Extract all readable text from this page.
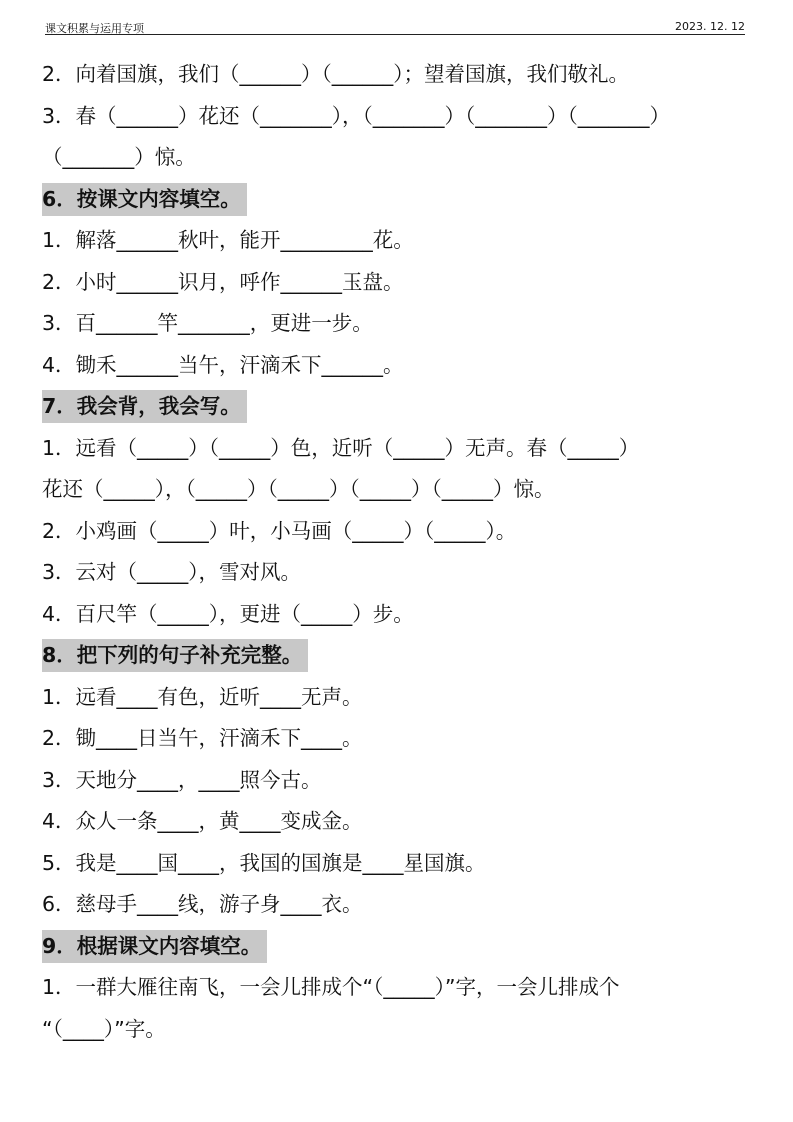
课文积累与运用专项	2023. 12. 12
2．向着国旗，我们（______）（______）；望着国旗，我们敬礼。
3．春（______）花还（_______），（_______）（_______）（_______）
（_______）惊。
6．按课文内容填空。
1．解落______秋叶，能开_________花。
2．小时______识月，呼作______玉盘。
3．百______竿_______，更进一步。
4．锄禾______当午，汗滴禾下______。
7．我会背，我会写。
1．远看（_____）（_____）色，近听（_____）无声。春（_____）
花还（_____），（_____）（_____）（_____）（_____）惊。
2．小鸡画（_____）叶，小马画（_____）（_____）。
3．云对（_____），雪对风。
4．百尺竿（_____），更进（_____）步。
8．把下列的句子补充完整。
1．远看____有色，近听____无声。
2．锄____日当午，汗滴禾下____。
3．天地分____，____照今古。
4．众人一条____，黄____变成金。
5．我是____国____，我国的国旗是____星国旗。
6．慈母手____线，游子身____衣。
9．根据课文内容填空。
1．一群大雁往南飞，一会儿排成个“（_____）”字，一会儿排成个
“（____）”字。
